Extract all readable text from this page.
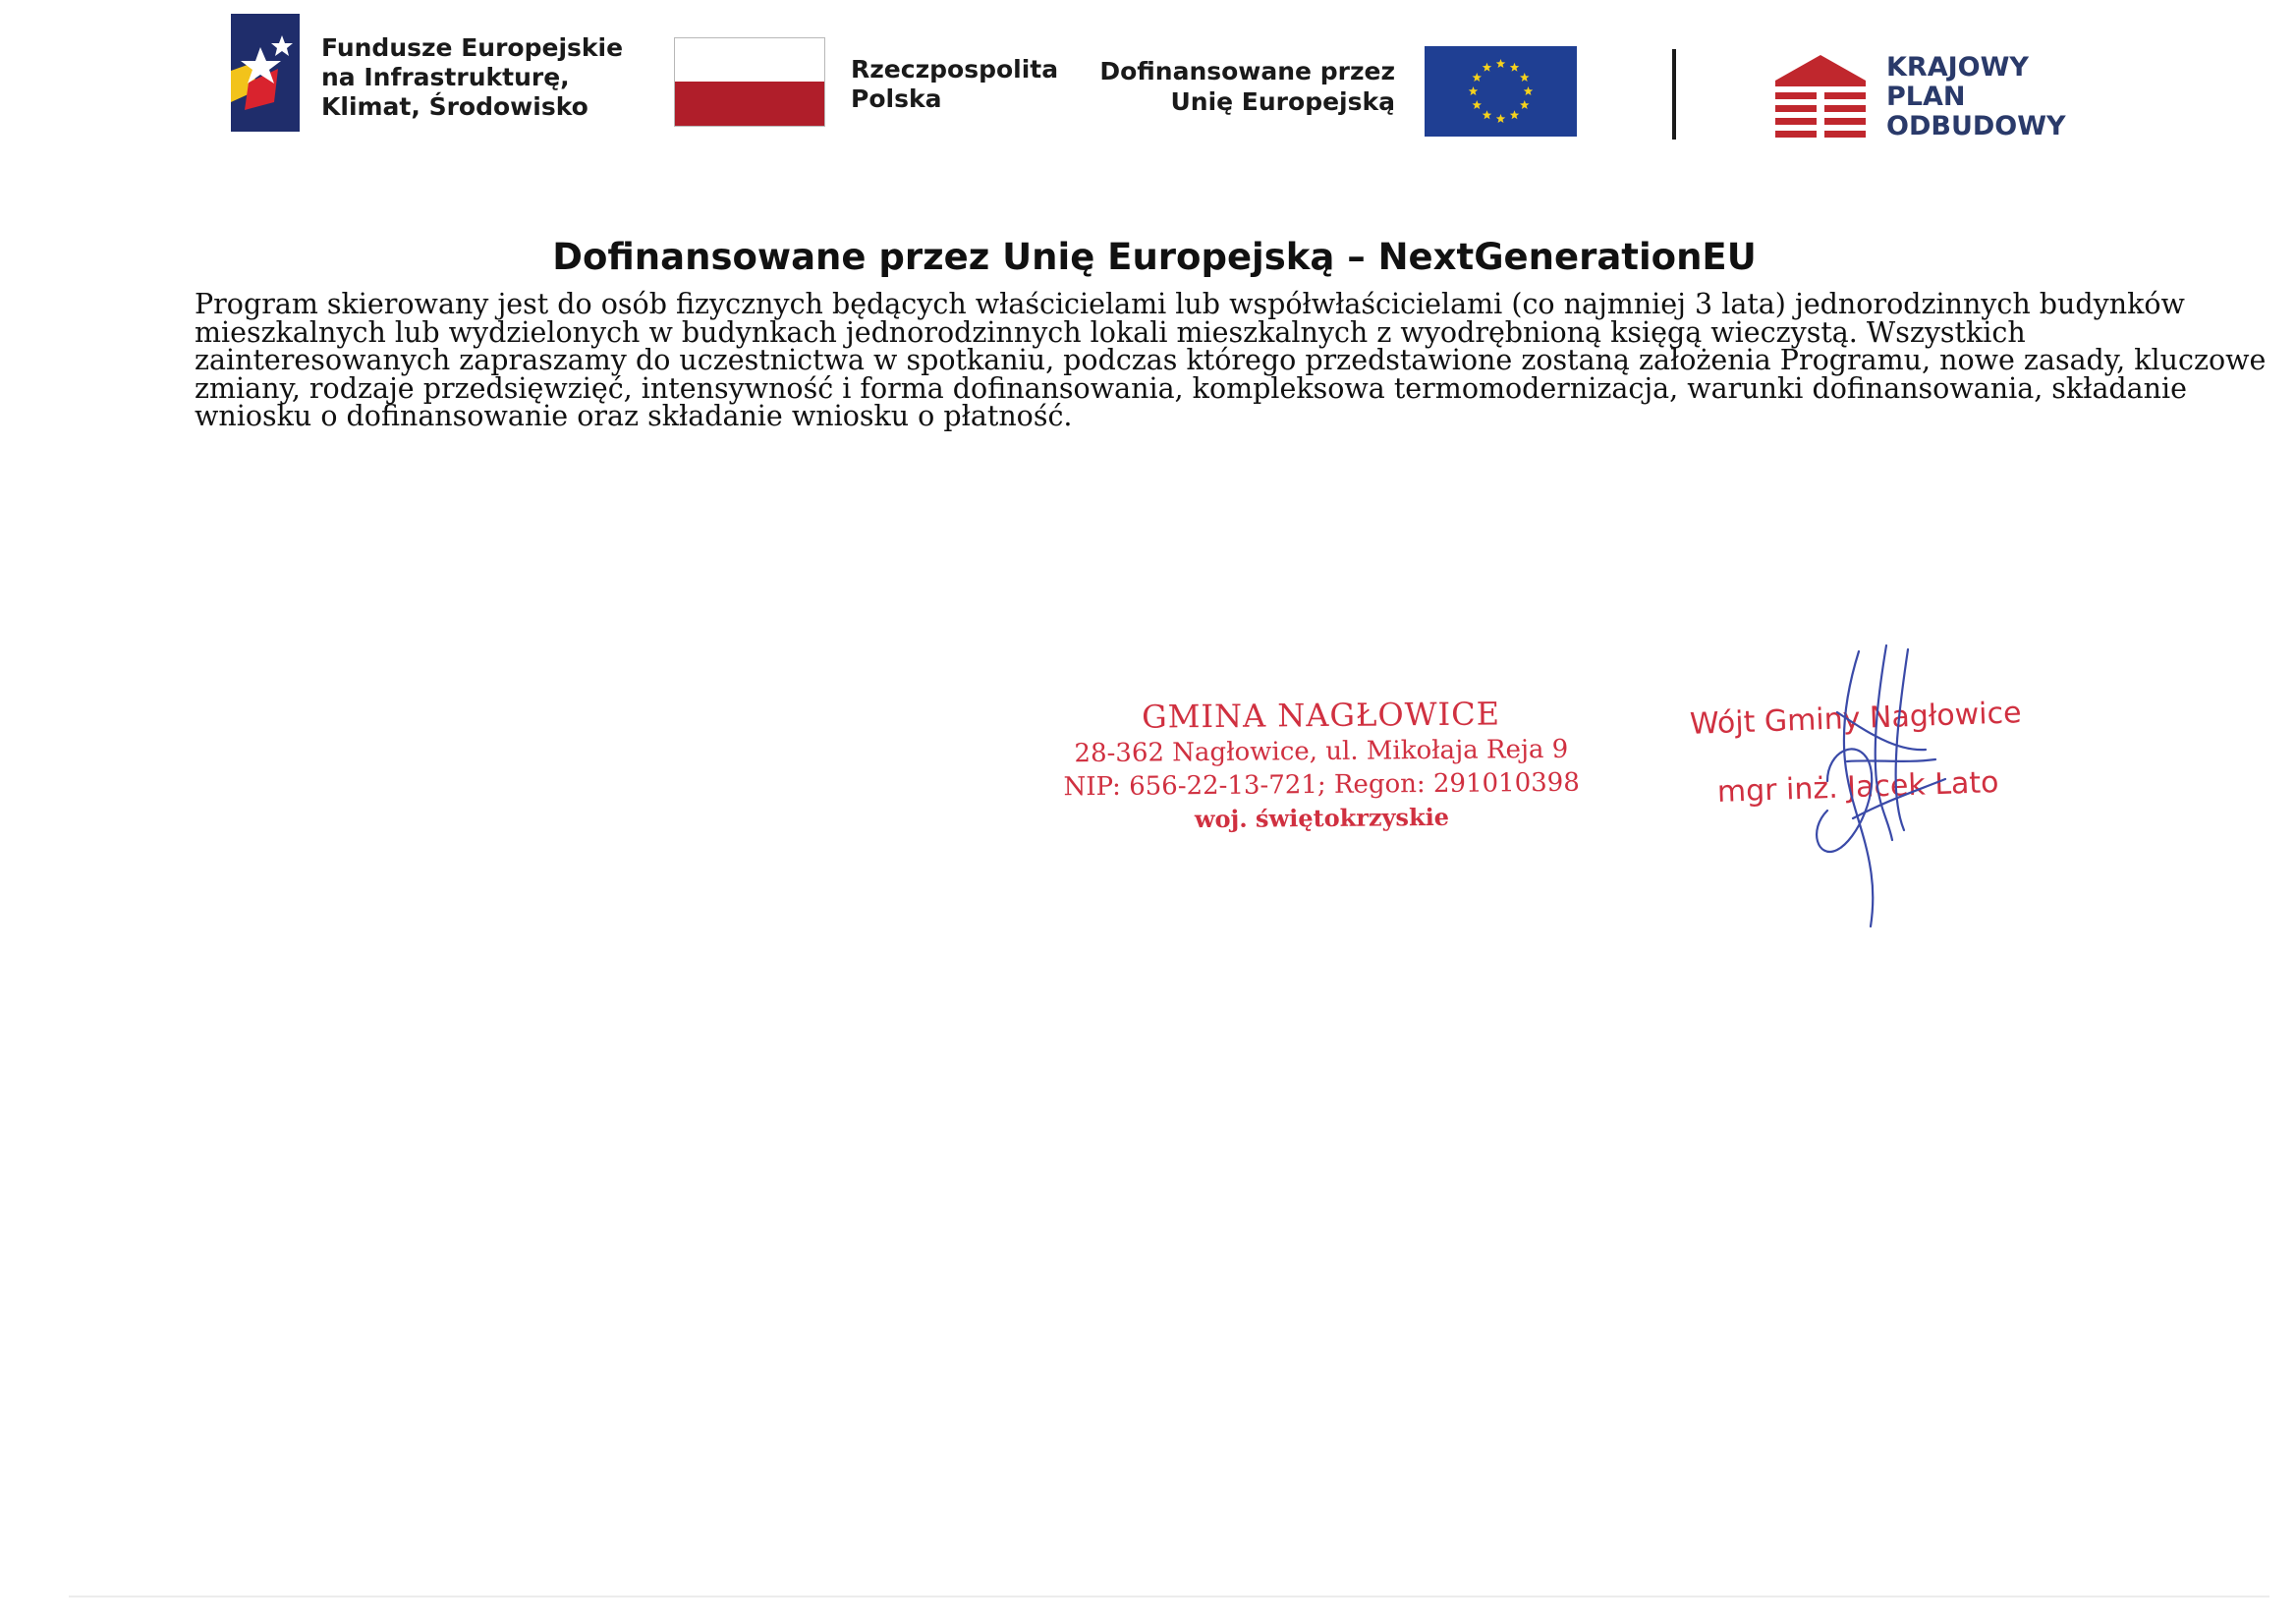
Fundusze Europejskie
na Infrastrukturę,
Klimat, Środowisko
Rzeczpospolita
Polska
Dofinansowane przez
Unię Europejską
KRAJOWY
PLAN
ODBUDOWY
Dofinansowane przez Unię Europejską – NextGenerationEU
Program skierowany jest do osób fizycznych będących właścicielami lub współwłaścicielami (co najmniej 3 lata) jednorodzinnych budynków
mieszkalnych lub wydzielonych w budynkach jednorodzinnych lokali mieszkalnych z wyodrębnioną księgą wieczystą. Wszystkich
zainteresowanych zapraszamy do uczestnictwa w spotkaniu, podczas którego przedstawione zostaną założenia Programu, nowe zasady, kluczowe
zmiany, rodzaje przedsięwzięć, intensywność i forma dofinansowania, kompleksowa termomodernizacja, warunki dofinansowania, składanie
wniosku o dofinansowanie oraz składanie wniosku o płatność.
GMINA NAGŁOWICE
28-362 Nagłowice, ul. Mikołaja Reja 9
NIP: 656-22-13-721; Regon: 291010398
woj. świętokrzyskie
Wójt Gminy Nagłowice
mgr inż. Jacek Lato
